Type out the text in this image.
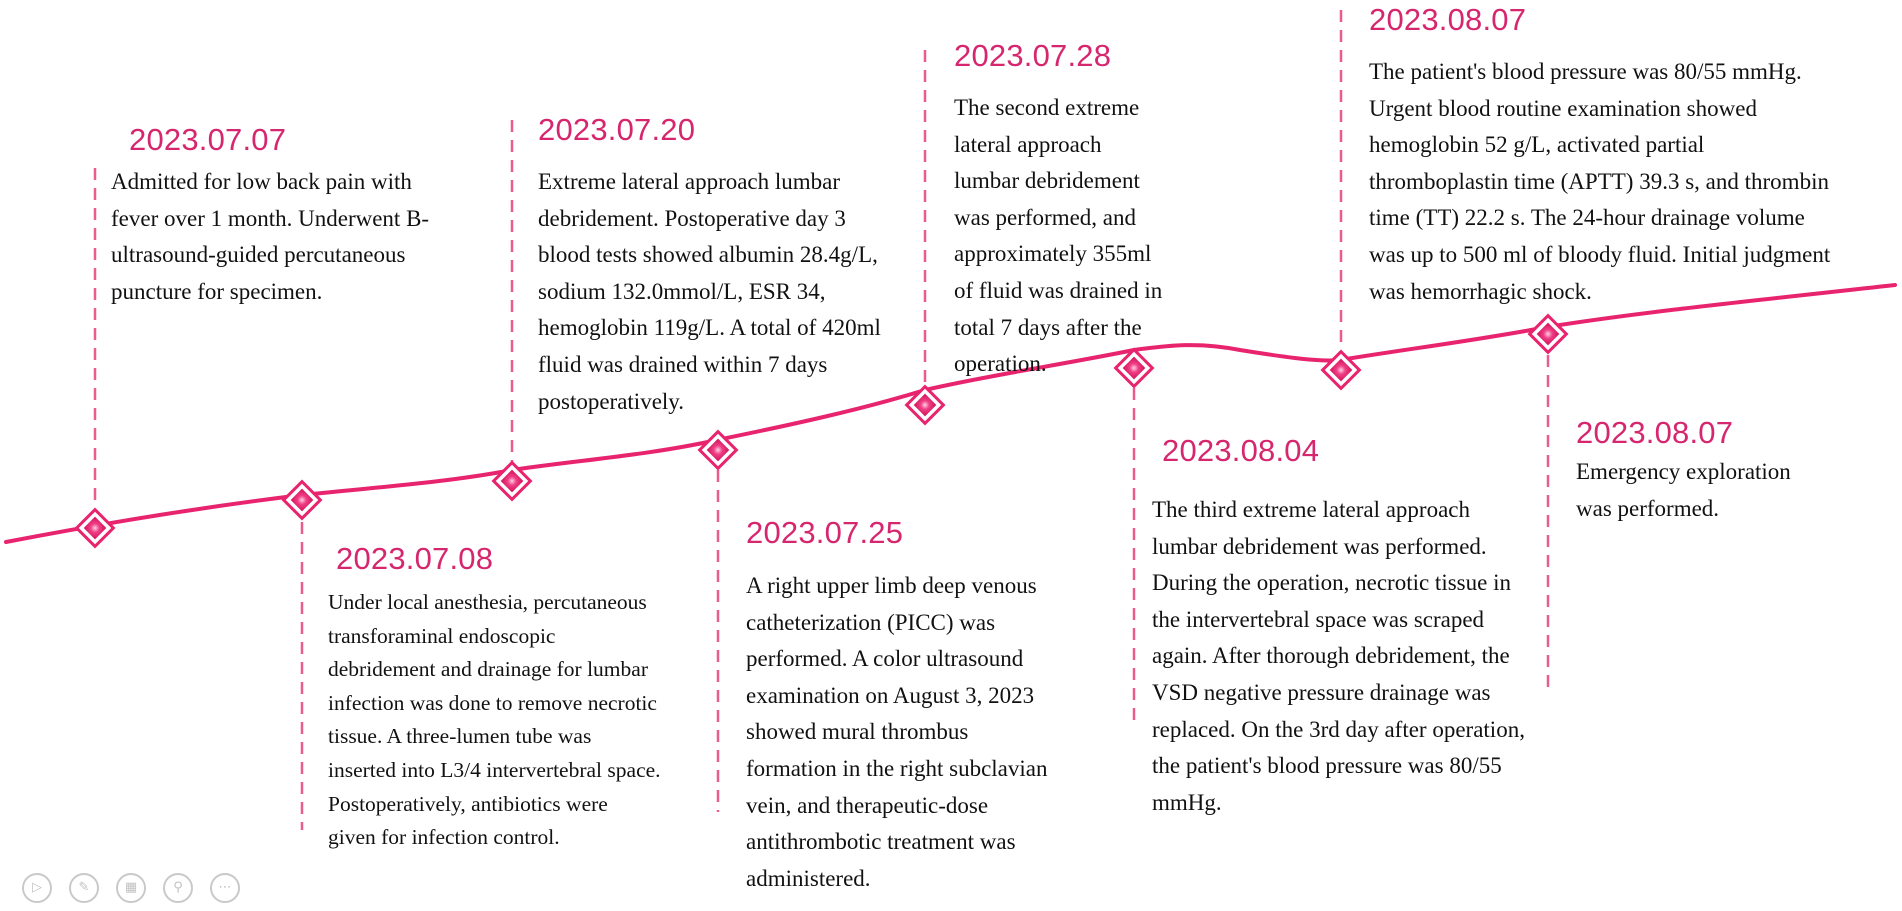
2023.07.07
Admitted for low back pain with
fever over 1 month. Underwent B-
ultrasound-guided percutaneous
puncture for specimen.
2023.07.08
Under local anesthesia, percutaneous
transforaminal endoscopic
debridement and drainage for lumbar
infection was done to remove necrotic
tissue. A three-lumen tube was
inserted into L3/4 intervertebral space.
Postoperatively, antibiotics were
given for infection control.
2023.07.20
Extreme lateral approach lumbar
debridement. Postoperative day 3
blood tests showed albumin 28.4g/L,
sodium 132.0mmol/L, ESR 34,
hemoglobin 119g/L. A total of 420ml
fluid was drained within 7 days
postoperatively.
2023.07.25
A right upper limb deep venous
catheterization (PICC) was
performed. A color ultrasound
examination on August 3, 2023
showed mural thrombus
formation in the right subclavian
vein, and therapeutic-dose
antithrombotic treatment was
administered.
2023.07.28
The second extreme
lateral approach
lumbar debridement
was performed, and
approximately 355ml
of fluid was drained in
total 7 days after the
operation.
2023.08.04
The third extreme lateral approach
lumbar debridement was performed.
During the operation, necrotic tissue in
the intervertebral space was scraped
again. After thorough debridement, the
VSD negative pressure drainage was
replaced. On the 3rd day after operation,
the patient's blood pressure was 80/55
mmHg.
2023.08.07
The patient's blood pressure was 80/55 mmHg.
Urgent blood routine examination showed
hemoglobin 52 g/L, activated partial
thromboplastin time (APTT) 39.3 s, and thrombin
time (TT) 22.2 s. The 24-hour drainage volume
was up to 500 ml of bloody fluid. Initial judgment
was hemorrhagic shock.
2023.08.07
Emergency exploration
was performed.
▷	✎	▦	⚲	⋯
